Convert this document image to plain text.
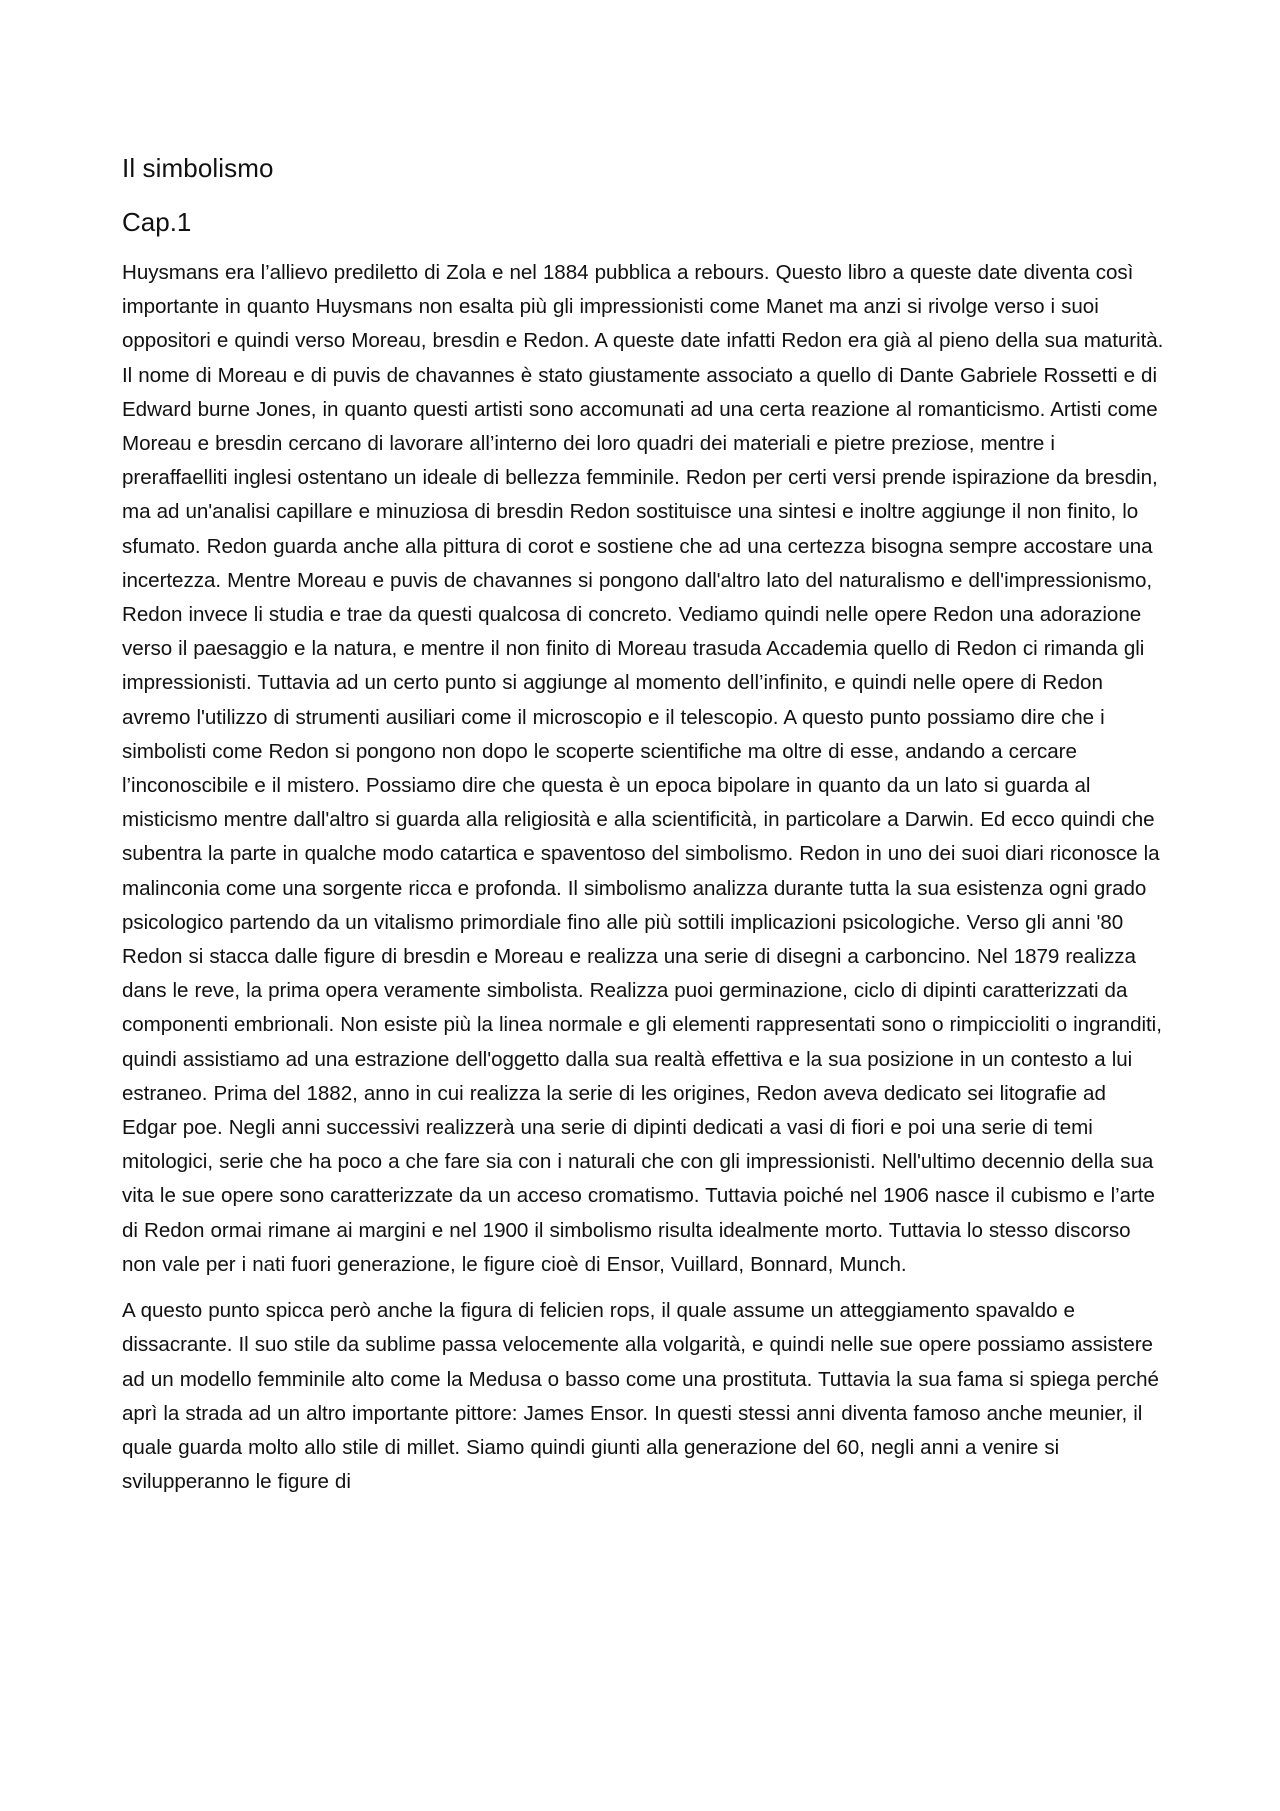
Il simbolismo
Cap.1

Huysmans era l’allievo prediletto di Zola e nel 1884 pubblica a rebours. Questo libro a queste date diventa così importante in quanto Huysmans non esalta più gli impressionisti come Manet ma anzi si rivolge verso i suoi oppositori e quindi verso Moreau, bresdin e Redon. A queste date infatti Redon era già al pieno della sua maturità. Il nome di Moreau e di puvis de chavannes è stato giustamente associato a quello di Dante Gabriele Rossetti e di Edward burne Jones, in quanto questi artisti sono accomunati ad una certa reazione al romanticismo. Artisti come Moreau e bresdin cercano di lavorare all’interno dei loro quadri dei materiali e pietre preziose, mentre i preraffaelliti inglesi ostentano un ideale di bellezza femminile. Redon per certi versi prende ispirazione da bresdin, ma ad un'analisi capillare e minuziosa di bresdin Redon sostituisce una sintesi e inoltre aggiunge il non finito, lo sfumato. Redon guarda anche alla pittura di corot e sostiene che ad una certezza bisogna sempre accostare una incertezza. Mentre Moreau e puvis de chavannes si pongono dall'altro lato del naturalismo e dell'impressionismo, Redon invece li studia e trae da questi qualcosa di concreto. Vediamo quindi nelle opere Redon una adorazione verso il paesaggio e la natura, e mentre il non finito di Moreau trasuda Accademia quello di Redon ci rimanda gli impressionisti. Tuttavia ad un certo punto si aggiunge al momento dell’infinito, e quindi nelle opere di Redon avremo l'utilizzo di strumenti ausiliari come il microscopio e il telescopio. A questo punto possiamo dire che i simbolisti come Redon si pongono non dopo le scoperte scientifiche ma oltre di esse, andando a cercare l’inconoscibile e il mistero. Possiamo dire che questa è un epoca bipolare in quanto da un lato si guarda al misticismo mentre dall'altro si guarda alla religiosità e alla scientificità, in particolare a Darwin. Ed ecco quindi che subentra la parte in qualche modo catartica e spaventoso del simbolismo. Redon in uno dei suoi diari riconosce la malinconia come una sorgente ricca e profonda. Il simbolismo analizza durante tutta la sua esistenza ogni grado psicologico partendo da un vitalismo primordiale fino alle più sottili implicazioni psicologiche. Verso gli anni '80 Redon si stacca dalle figure di bresdin e Moreau e realizza una serie di disegni a carboncino. Nel 1879 realizza dans le reve, la prima opera veramente simbolista. Realizza puoi germinazione, ciclo di dipinti caratterizzati da componenti embrionali. Non esiste più la linea normale e gli elementi rappresentati sono o rimpiccioliti o ingranditi, quindi assistiamo ad una estrazione dell'oggetto dalla sua realtà effettiva e la sua posizione in un contesto a lui estraneo. Prima del 1882, anno in cui realizza la serie di les origines, Redon aveva dedicato sei litografie ad Edgar poe. Negli anni successivi realizzerà una serie di dipinti dedicati a vasi di fiori e poi una serie di temi mitologici, serie che ha poco a che fare sia con i naturali che con gli impressionisti. Nell'ultimo decennio della sua vita le sue opere sono caratterizzate da un acceso cromatismo. Tuttavia poiché nel 1906 nasce il cubismo e l’arte di Redon ormai rimane ai margini e nel 1900 il simbolismo risulta idealmente morto. Tuttavia lo stesso discorso non vale per i nati fuori generazione, le figure cioè di Ensor, Vuillard, Bonnard, Munch.

A questo punto spicca però anche la figura di felicien rops, il quale assume un atteggiamento spavaldo e dissacrante. Il suo stile da sublime passa velocemente alla volgarità, e quindi nelle sue opere possiamo assistere ad un modello femminile alto come la Medusa o basso come una prostituta. Tuttavia la sua fama si spiega perché aprì la strada ad un altro importante pittore: James Ensor. In questi stessi anni diventa famoso anche meunier, il quale guarda molto allo stile di millet. Siamo quindi giunti alla generazione del 60, negli anni a venire si svilupperanno le figure di
